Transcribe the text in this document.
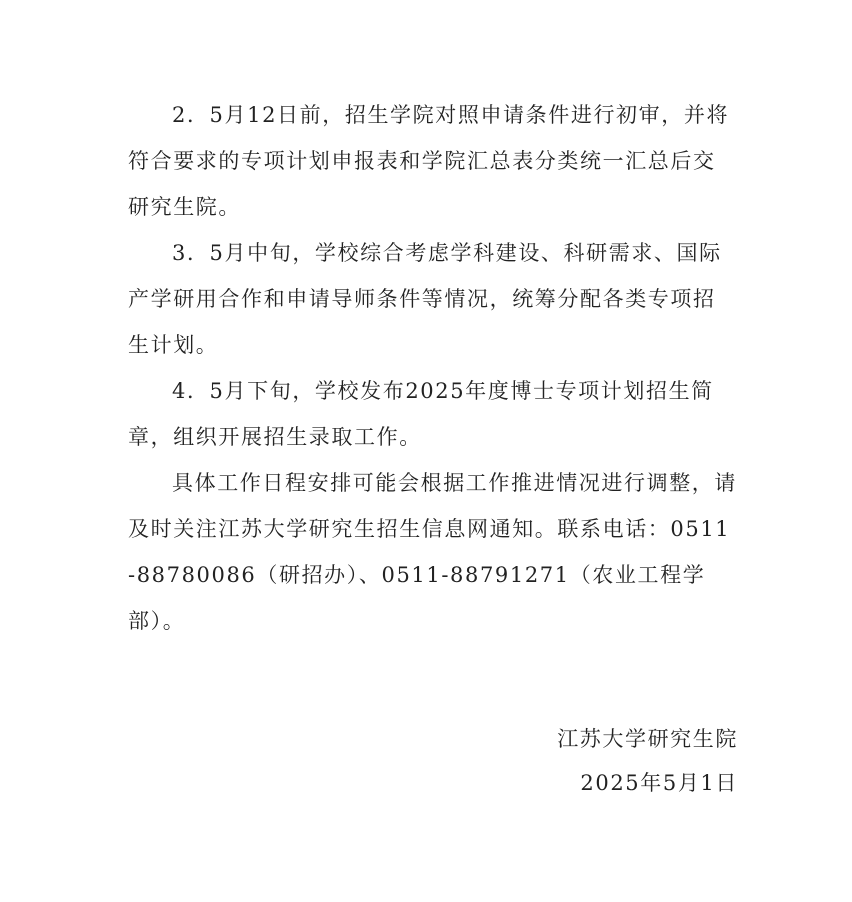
2．5月12日前，招生学院对照申请条件进行初审，并将符合要求的专项计划申报表和学院汇总表分类统一汇总后交研究生院。

3．5月中旬，学校综合考虑学科建设、科研需求、国际产学研用合作和申请导师条件等情况，统筹分配各类专项招生计划。

4．5月下旬，学校发布2025年度博士专项计划招生简章，组织开展招生录取工作。

具体工作日程安排可能会根据工作推进情况进行调整，请及时关注江苏大学研究生招生信息网通知。联系电话：0511-88780086（研招办）、0511-88791271（农业工程学部）。

江苏大学研究生院
2025年5月1日
